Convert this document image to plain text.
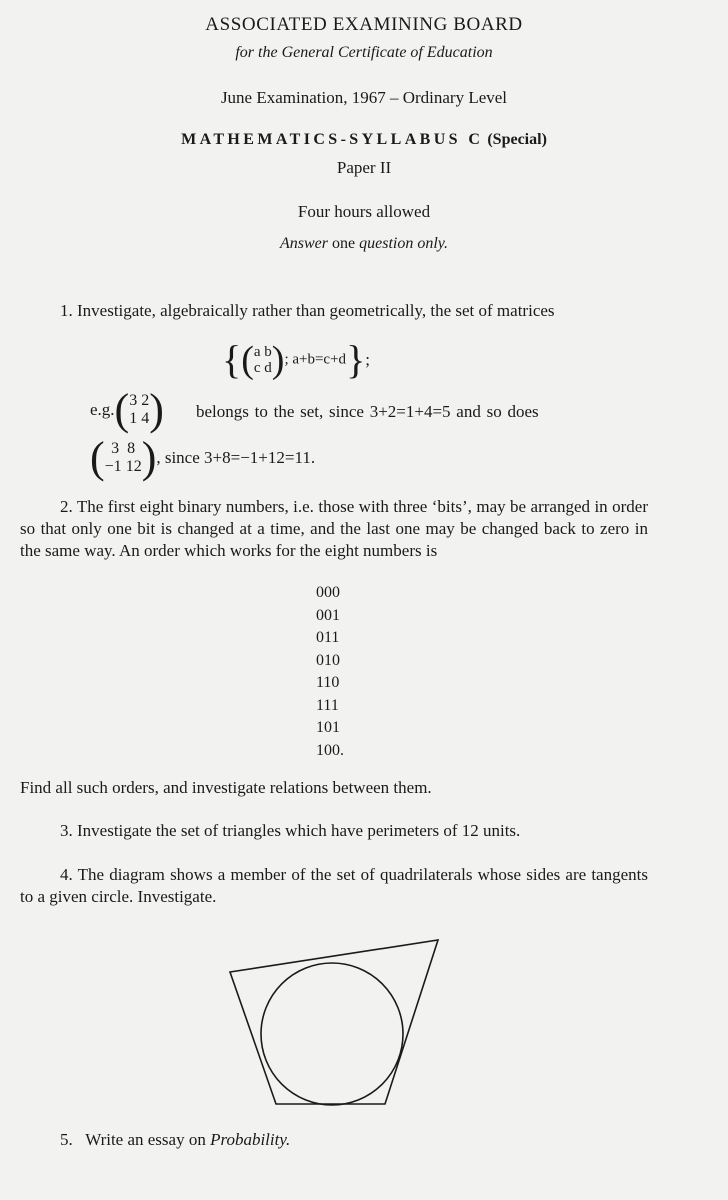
ASSOCIATED EXAMINING BOARD
for the General Certificate of Education
June Examination, 1967 – Ordinary Level
MATHEMATICS-SYLLABUS C (Special)
Paper II
Four hours allowed
Answer one question only.
1. Investigate, algebraically rather than geometrically, the set of matrices
{(a b
c d); a+b=c+d};
e.g.(3 2
1 4) belongs to the set, since 3+2=1+4=5 and so does
( 3 8
−1 12), since 3+8=−1+12=11.
2. The first eight binary numbers, i.e. those with three ‘bits’, may be arranged in order so that only one bit is changed at a time, and the last one may be changed back to zero in the same way. An order which works for the eight numbers is
000
001
011
010
110
111
101
100.
Find all such orders, and investigate relations between them.
3. Investigate the set of triangles which have perimeters of 12 units.
4. The diagram shows a member of the set of quadrilaterals whose sides are tangents to a given circle. Investigate.
5. Write an essay on Probability.
